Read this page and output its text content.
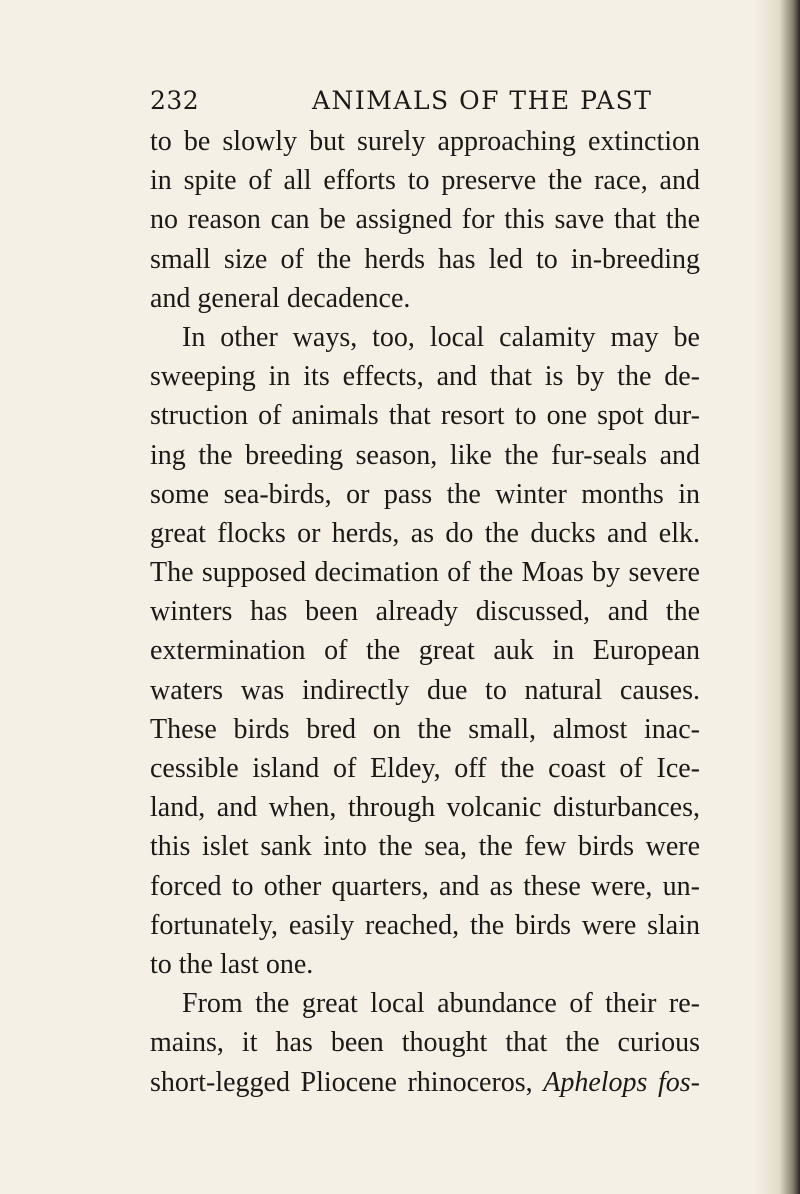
232	ANIMALS OF THE PAST
to be slowly but surely approaching extinction
in spite of all efforts to preserve the race, and
no reason can be assigned for this save that the
small size of the herds has led to in-breeding
and general decadence.
In other ways, too, local calamity may be
sweeping in its effects, and that is by the de-
struction of animals that resort to one spot dur-
ing the breeding season, like the fur-seals and
some sea-birds, or pass the winter months in
great flocks or herds, as do the ducks and elk.
The supposed decimation of the Moas by severe
winters has been already discussed, and the
extermination of the great auk in European
waters was indirectly due to natural causes.
These birds bred on the small, almost inac-
cessible island of Eldey, off the coast of Ice-
land, and when, through volcanic disturbances,
this islet sank into the sea, the few birds were
forced to other quarters, and as these were, un-
fortunately, easily reached, the birds were slain
to the last one.
From the great local abundance of their re-
mains, it has been thought that the curious
short-legged Pliocene rhinoceros, Aphelops fos-
